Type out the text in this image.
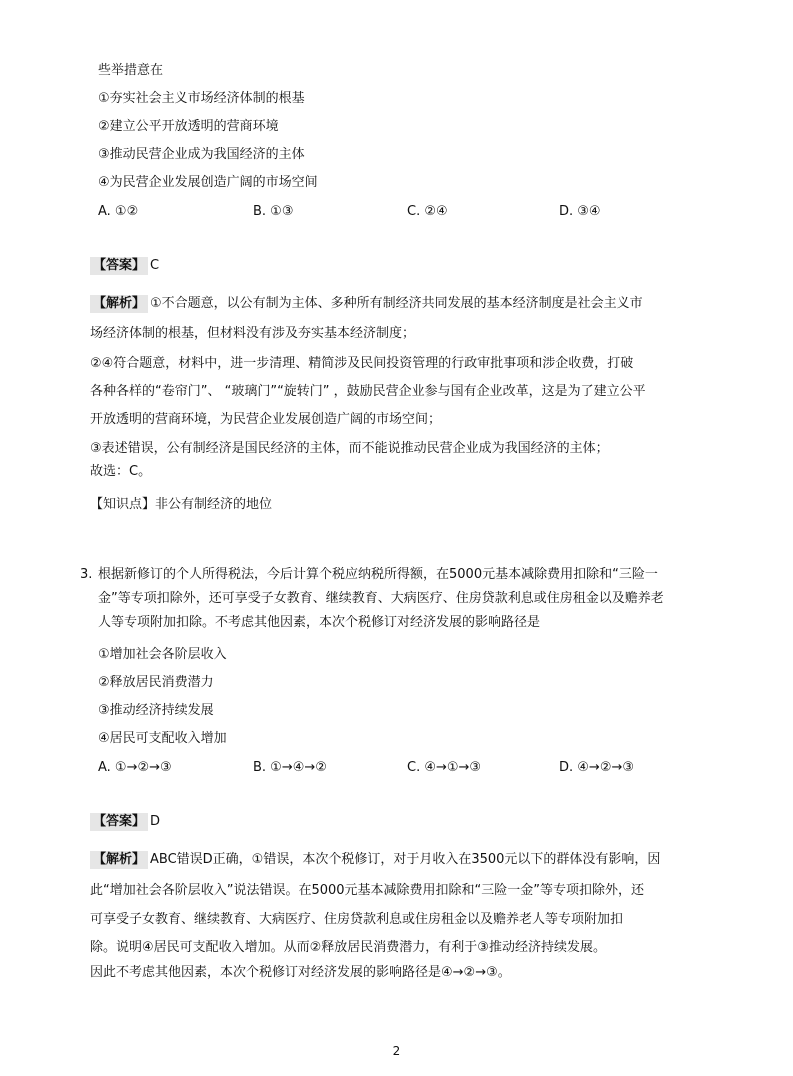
些举措意在
①夯实社会主义市场经济体制的根基
②建立公平开放透明的营商环境
③推动民营企业成为我国经济的主体
④为民营企业发展创造广阔的市场空间
A. ①②	B. ①③	C. ②④	D. ③④
【答案】 C
【解析】 ①不合题意，以公有制为主体、多种所有制经济共同发展的基本经济制度是社会主义市
场经济体制的根基，但材料没有涉及夯实基本经济制度；
②④符合题意，材料中，进一步清理、精简涉及民间投资管理的行政审批事项和涉企收费，打破
各种各样的“卷帘门”、 “玻璃门”“旋转门” ，鼓励民营企业参与国有企业改革，这是为了建立公平
开放透明的营商环境，为民营企业发展创造广阔的市场空间；
③表述错误，公有制经济是国民经济的主体，而不能说推动民营企业成为我国经济的主体；
故选：C。
【知识点】非公有制经济的地位
3. 根据新修订的个人所得税法，今后计算个税应纳税所得额，在5000元基本减除费用扣除和“三险一
金”等专项扣除外，还可享受子女教育、继续教育、大病医疗、住房贷款利息或住房租金以及赡养老
人等专项附加扣除。不考虑其他因素，本次个税修订对经济发展的影响路径是
①增加社会各阶层收入
②释放居民消费潜力
③推动经济持续发展
④居民可支配收入增加
A. ①→②→③	B. ①→④→②	C. ④→①→③	D. ④→②→③
【答案】 D
【解析】 ABC错误D正确，①错误，本次个税修订，对于月收入在3500元以下的群体没有影响，因
此“增加社会各阶层收入”说法错误。在5000元基本减除费用扣除和“三险一金”等专项扣除外，还
可享受子女教育、继续教育、大病医疗、住房贷款利息或住房租金以及赡养老人等专项附加扣
除。说明④居民可支配收入增加。从而②释放居民消费潜力，有利于③推动经济持续发展。
因此不考虑其他因素，本次个税修订对经济发展的影响路径是④→②→③。
2
